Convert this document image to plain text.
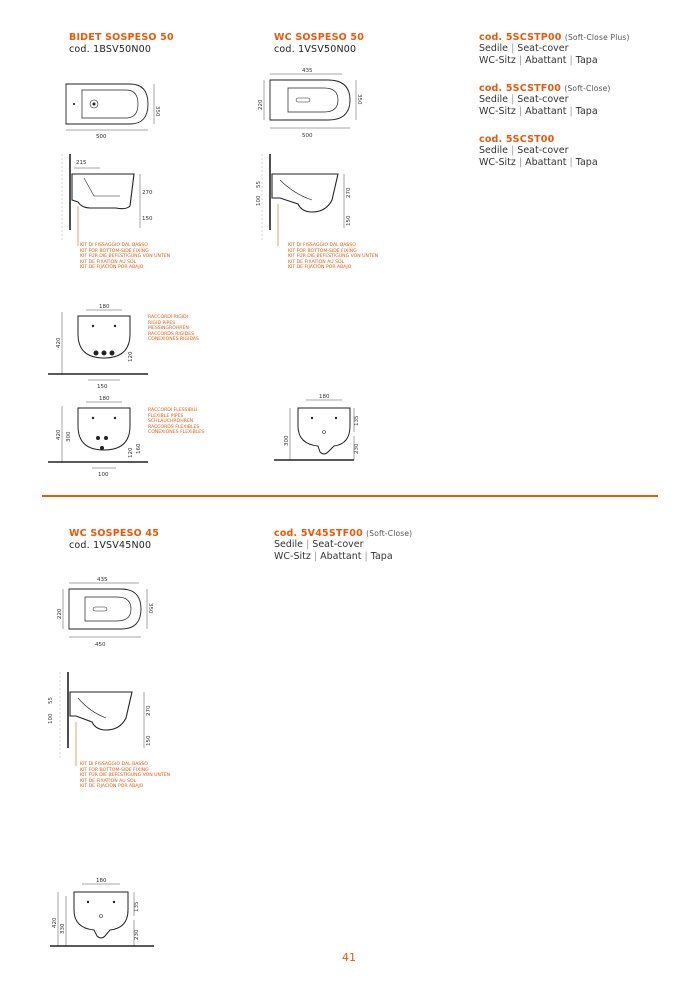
BIDET SOSPESO 50
cod. 1BSV50N00
350
500
215
270
150
KIT DI FISSAGGIO DAL BASSO
KIT FOR BOTTOM-SIDE FIXING
KIT FÜR DIE BEFESTIGUNG VON UNTEN
KIT DE FIXATION AU SOL
KIT DE FIJACIÓN POR ABAJO
180
420
120
150
RACCORDI RIGIDI
RIGID PIPES
MESSINGROHREN
RACCORDS RIGIDES
CONEXIONES RIGIDAS
180
420 300
120 160
100
RACCORDI FLESSIBILI
FLEXIBLE PIPES
SCHLAUCHROHREN
RACCORDS FLEXIBLES
CONEXIONES FLEXIBLES
WC SOSPESO 50
cod. 1VSV50N00
435
220
350
500
55
100
270
150
KIT DI FISSAGGIO DAL BASSO
KIT FOR BOTTOM-SIDE FIXING
KIT FÜR DIE BEFESTIGUNG VON UNTEN
KIT DE FIXATION AU SOL
KIT DE FIJACIÓN POR ABAJO
180
300
135
230
cod. 5SCSTP00 (Soft-Close Plus)
Sedile | Seat-cover
WC-Sitz | Abattant | Tapa
cod. 5SCSTF00 (Soft-Close)
Sedile | Seat-cover
WC-Sitz | Abattant | Tapa
cod. 5SCST00
Sedile | Seat-cover
WC-Sitz | Abattant | Tapa
WC SOSPESO 45
cod. 1VSV45N00
cod. 5V45STF00 (Soft-Close)
Sedile | Seat-cover
WC-Sitz | Abattant | Tapa
435
220
350
450
55
100
270
150
KIT DI FISSAGGIO DAL BASSO
KIT FOR BOTTOM-SIDE FIXING
KIT FÜR DIE BEFESTIGUNG VON UNTEN
KIT DE FIXATION AU SOL
KIT DE FIJACIÓN POR ABAJO
180
420
330
135
230
41
